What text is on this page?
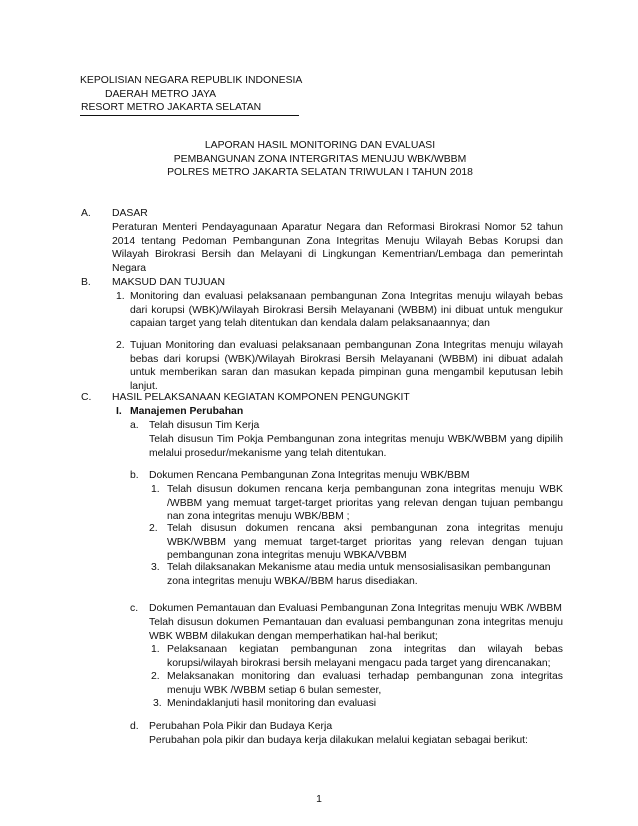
KEPOLISIAN NEGARA REPUBLIK INDONESIA
DAERAH METRO JAYA
RESORT METRO JAKARTA SELATAN
LAPORAN HASIL MONITORING DAN EVALUASI
PEMBANGUNAN ZONA INTERGRITAS MENUJU WBK/WBBM
POLRES METRO JAKARTA SELATAN TRIWULAN I TAHUN 2018
A. DASAR
Peraturan Menteri Pendayagunaan Aparatur Negara dan Reformasi Birokrasi Nomor 52 tahun 2014 tentang Pedoman Pembangunan Zona Integritas Menuju Wilayah Bebas Korupsi dan Wilayah Birokrasi Bersih dan Melayani di Lingkungan Kementrian/Lembaga dan pemerintah Negara
B. MAKSUD DAN TUJUAN
1. Monitoring dan evaluasi pelaksanaan pembangunan Zona Integritas menuju wilayah bebas dari korupsi (WBK)/Wilayah Birokrasi Bersih Melayanani (WBBM) ini dibuat untuk mengukur capaian target yang telah ditentukan dan kendala dalam pelaksanaannya; dan
2. Tujuan Monitoring dan evaluasi pelaksanaan pembangunan Zona Integritas menuju wilayah bebas dari korupsi (WBK)/Wilayah Birokrasi Bersih Melayanani (WBBM) ini dibuat adalah untuk memberikan saran dan masukan kepada pimpinan guna mengambil keputusan lebih lanjut.
C. HASIL PELAKSANAAN KEGIATAN KOMPONEN PENGUNGKIT
I. Manajemen Perubahan
a. Telah disusun Tim Kerja
Telah disusun Tim Pokja Pembangunan zona integritas menuju WBK/WBBM yang dipilih melalui prosedur/mekanisme yang telah ditentukan.
b. Dokumen Rencana Pembangunan Zona Integritas menuju WBK/BBM
1. Telah disusun dokumen rencana kerja pembangunan zona integritas menuju WBK /WBBM yang memuat target-target prioritas yang relevan dengan tujuan pembangu nan zona integritas menuju WBK/BBM ;
2. Telah disusun dokumen rencana aksi pembangunan zona integritas menuju WBK/WBBM yang memuat target-target prioritas yang relevan dengan tujuan pembangunan zona integritas menuju WBKA/VBBM
3. Telah dilaksanakan Mekanisme atau media untuk mensosialisasikan pembangunan zona integritas menuju WBKA//BBM harus disediakan.
c. Dokumen Pemantauan dan Evaluasi Pembangunan Zona Integritas menuju WBK /WBBM
Telah disusun dokumen Pemantauan dan evaluasi pembangunan zona integritas menuju WBK WBBM dilakukan dengan memperhatikan hal-hal berikut;
1. Pelaksanaan kegiatan pembangunan zona integritas dan wilayah bebas korupsi/wilayah birokrasi bersih melayani mengacu pada target yang direncanakan;
2. Melaksanakan monitoring dan evaluasi terhadap pembangunan zona integritas menuju WBK /WBBM setiap 6 bulan semester,
3. Menindaklanjuti hasil monitoring dan evaluasi
d. Perubahan Pola Pikir dan Budaya Kerja
Perubahan pola pikir dan budaya kerja dilakukan melalui kegiatan sebagai berikut:
1
